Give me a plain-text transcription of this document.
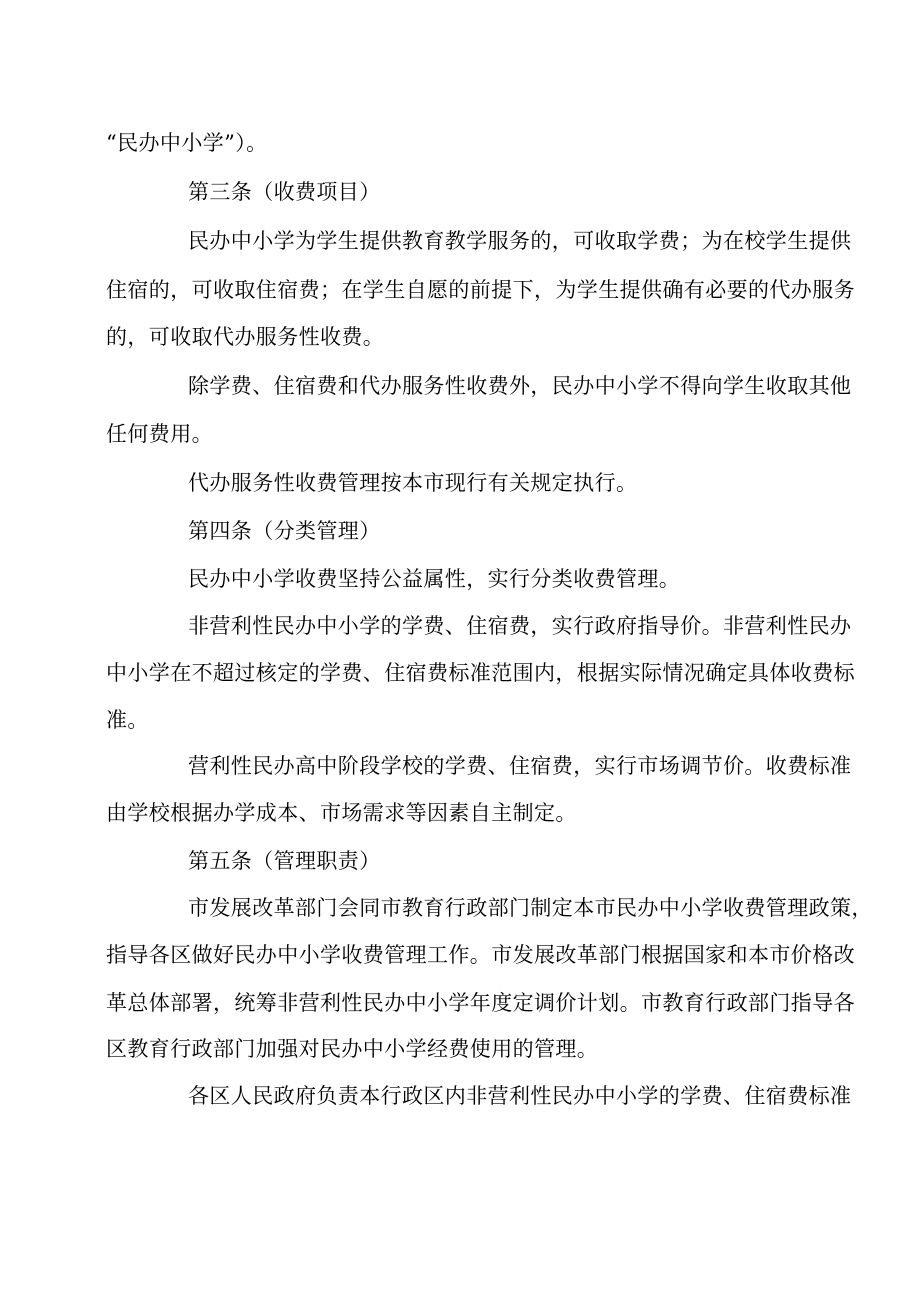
“民办中小学”）。
第三条（收费项目）
民办中小学为学生提供教育教学服务的，可收取学费；为在校学生提供
住宿的，可收取住宿费；在学生自愿的前提下，为学生提供确有必要的代办服务
的，可收取代办服务性收费。
除学费、住宿费和代办服务性收费外，民办中小学不得向学生收取其他
任何费用。
代办服务性收费管理按本市现行有关规定执行。
第四条（分类管理）
民办中小学收费坚持公益属性，实行分类收费管理。
非营利性民办中小学的学费、住宿费，实行政府指导价。非营利性民办
中小学在不超过核定的学费、住宿费标准范围内，根据实际情况确定具体收费标
准。
营利性民办高中阶段学校的学费、住宿费，实行市场调节价。收费标准
由学校根据办学成本、市场需求等因素自主制定。
第五条（管理职责）
市发展改革部门会同市教育行政部门制定本市民办中小学收费管理政策，
指导各区做好民办中小学收费管理工作。市发展改革部门根据国家和本市价格改
革总体部署，统筹非营利性民办中小学年度定调价计划。市教育行政部门指导各
区教育行政部门加强对民办中小学经费使用的管理。
各区人民政府负责本行政区内非营利性民办中小学的学费、住宿费标准
